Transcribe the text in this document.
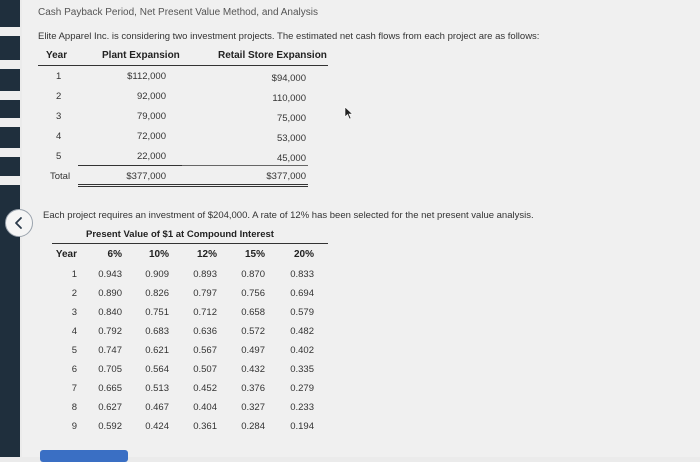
Cash Payback Period, Net Present Value Method, and Analysis
Elite Apparel Inc. is considering two investment projects. The estimated net cash flows from each project are as follows:
Year	Plant Expansion	Retail Store Expansion
1	$112,000	$94,000
2	92,000	110,000
3	79,000	75,000
4	72,000	53,000
5	22,000	45,000
Total	$377,000	$377,000
Each project requires an investment of $204,000. A rate of 12% has been selected for the net present value analysis.
Present Value of $1 at Compound Interest
Year	6%	10%	12%	15%	20%
1	0.943	0.909	0.893	0.870	0.833
2	0.890	0.826	0.797	0.756	0.694
3	0.840	0.751	0.712	0.658	0.579
4	0.792	0.683	0.636	0.572	0.482
5	0.747	0.621	0.567	0.497	0.402
6	0.705	0.564	0.507	0.432	0.335
7	0.665	0.513	0.452	0.376	0.279
8	0.627	0.467	0.404	0.327	0.233
9	0.592	0.424	0.361	0.284	0.194
